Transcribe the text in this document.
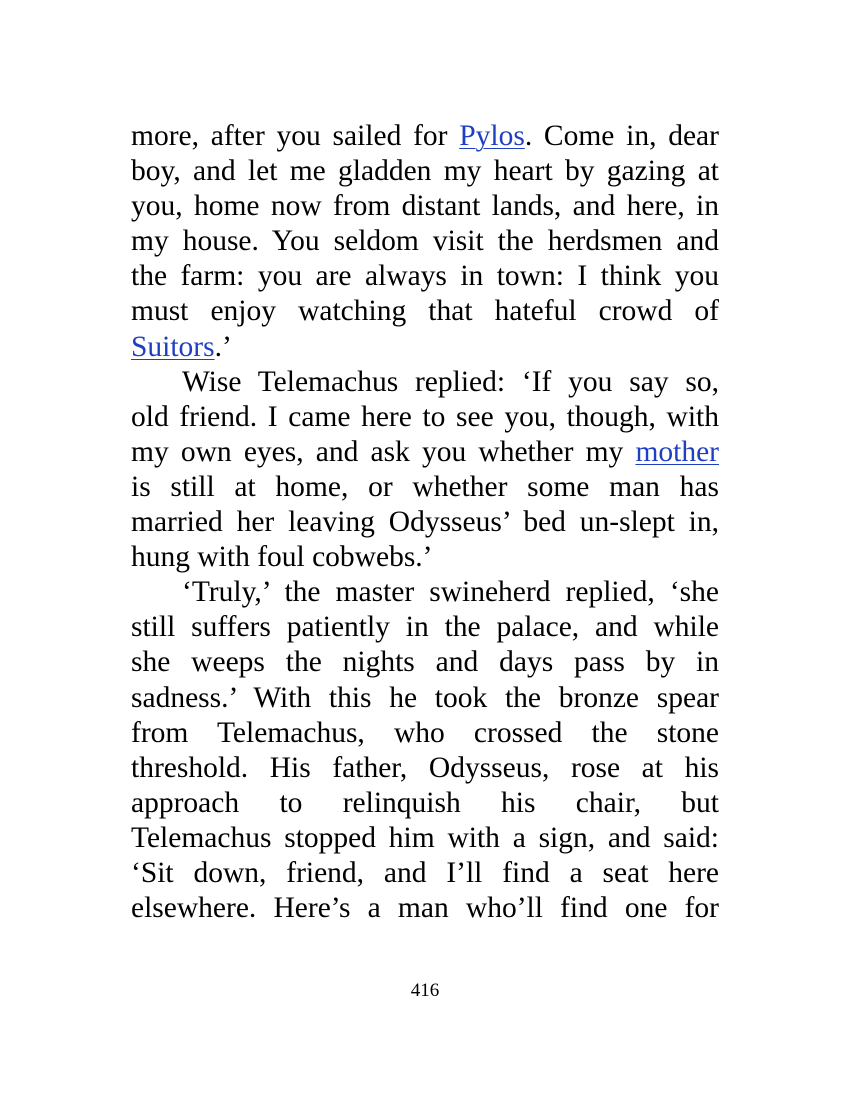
more, after you sailed for Pylos. Come in, dear
boy, and let me gladden my heart by gazing at
you, home now from distant lands, and here, in
my house. You seldom visit the herdsmen and
the farm: you are always in town: I think you
must enjoy watching that hateful crowd of
Suitors.’
Wise Telemachus replied: ‘If you say so,
old friend. I came here to see you, though, with
my own eyes, and ask you whether my mother
is still at home, or whether some man has
married her leaving Odysseus’ bed un-slept in,
hung with foul cobwebs.’
‘Truly,’ the master swineherd replied, ‘she
still suffers patiently in the palace, and while
she weeps the nights and days pass by in
sadness.’ With this he took the bronze spear
from Telemachus, who crossed the stone
threshold. His father, Odysseus, rose at his
approach to relinquish his chair, but
Telemachus stopped him with a sign, and said:
‘Sit down, friend, and I’ll find a seat here
elsewhere. Here’s a man who’ll find one for
416
